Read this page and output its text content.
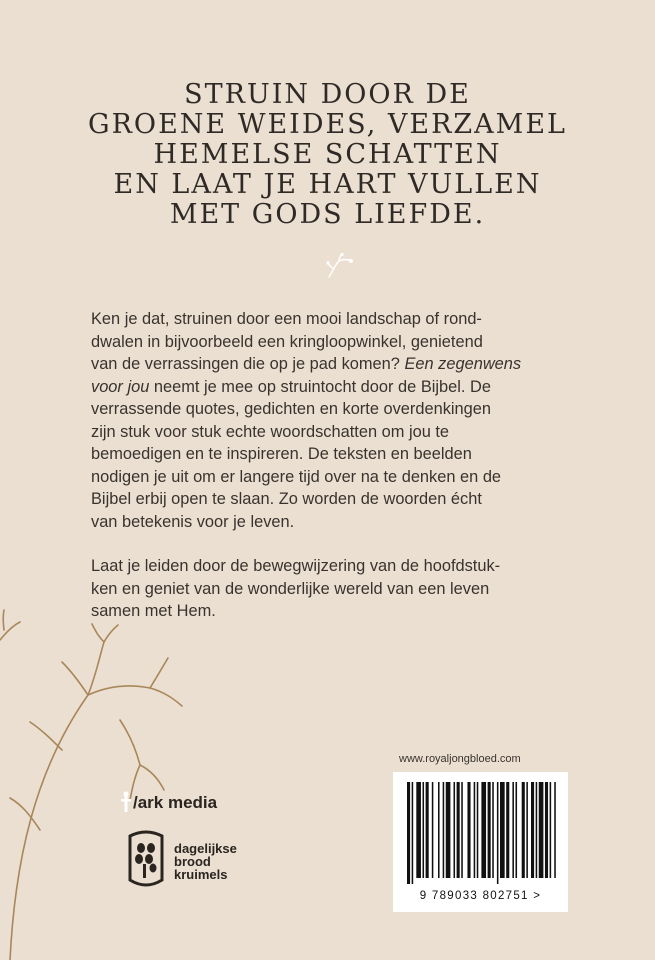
STRUIN DOOR DE
GROENE WEIDES, VERZAMEL
HEMELSE SCHATTEN
EN LAAT JE HART VULLEN
MET GODS LIEFDE.

Ken je dat, struinen door een mooi landschap of rond-
dwalen in bijvoorbeeld een kringloopwinkel, genietend
van de verrassingen die op je pad komen? Een zegenwens
voor jou neemt je mee op struintocht door de Bijbel. De
verrassende quotes, gedichten en korte overdenkingen
zijn stuk voor stuk echte woordschatten om jou te
bemoedigen en te inspireren. De teksten en beelden
nodigen je uit om er langere tijd over na te denken en de
Bijbel erbij open te slaan. Zo worden de woorden écht
van betekenis voor je leven.

Laat je leiden door de bewegwijzering van de hoofdstuk-
ken en geniet van de wonderlijke wereld van een leven
samen met Hem.

/ark media
dagelijkse
brood
kruimels
www.royaljongbloed.com
9 789033 802751 >
